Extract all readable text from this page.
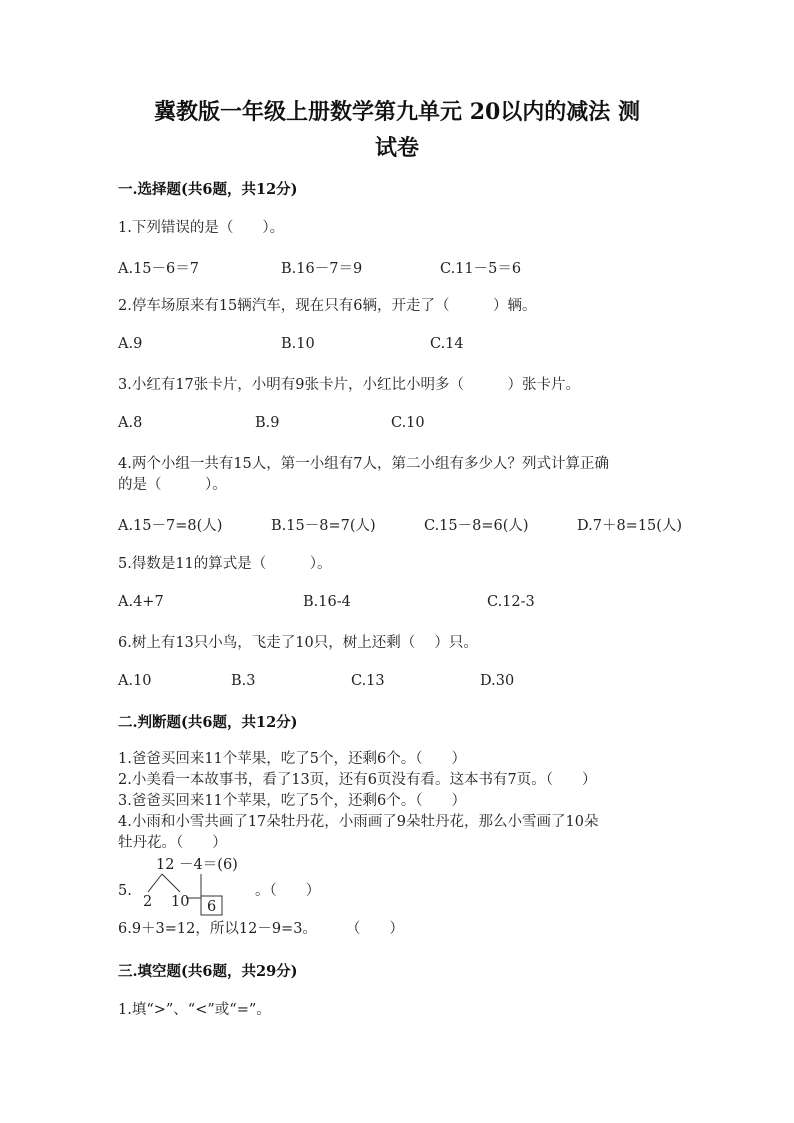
冀教版一年级上册数学第九单元 20以内的减法 测
试卷
一.选择题(共6题，共12分)
1.下列错误的是（　　）。
A.15－6＝7	B.16－7＝9	C.11－5＝6
2.停车场原来有15辆汽车，现在只有6辆，开走了（　　　）辆。
A.9	B.10	C.14
3.小红有17张卡片，小明有9张卡片，小红比小明多（　　　）张卡片。
A.8	B.9	C.10
4.两个小组一共有15人，第一小组有7人，第二小组有多少人？列式计算正确
的是（　　　）。
A.15－7=8(人)	B.15－8=7(人)	C.15－8=6(人)	D.7＋8=15(人)
5.得数是11的算式是（　　　）。
A.4+7	B.16-4	C.12-3
6.树上有13只小鸟，飞走了10只，树上还剩（　 ）只。
A.10	B.3	C.13	D.30
二.判断题(共6题，共12分)
1.爸爸买回来11个苹果，吃了5个，还剩6个。（　　）
2.小美看一本故事书，看了13页，还有6页没有看。这本书有7页。（　　）
3.爸爸买回来11个苹果，吃了5个，还剩6个。（　　）
4.小雨和小雪共画了17朵牡丹花，小雨画了9朵牡丹花，那么小雪画了10朵
牡丹花。（　　）
5.
12 －4＝(6)
2 10 6
。（　　）
6.9＋3=12，所以12－9=3。　　　（　　）
三.填空题(共6题，共29分)
1.填“>”、“<”或“=”。
